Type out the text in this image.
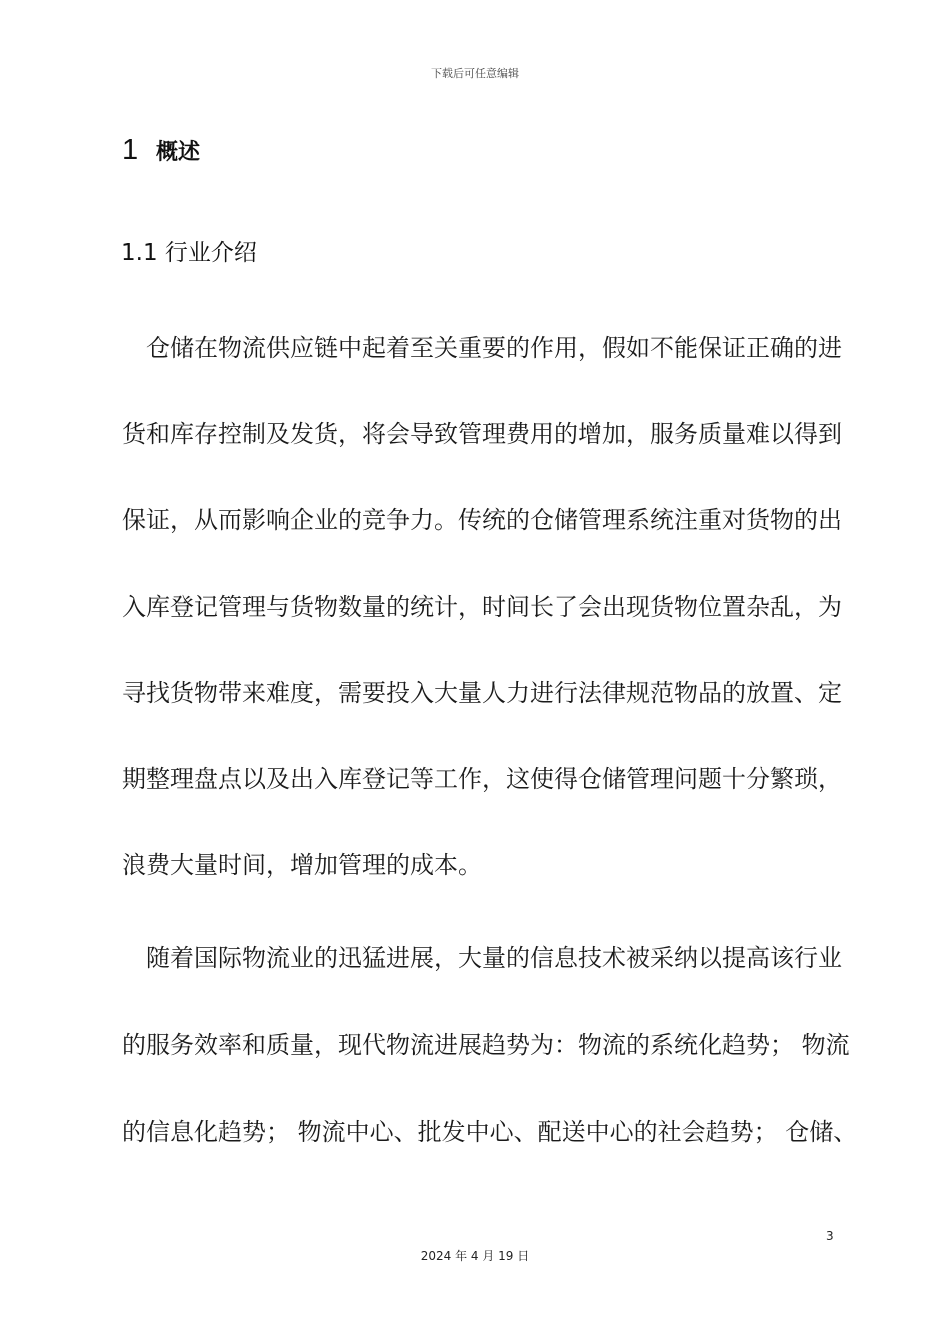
下载后可任意编辑
1 概述
1.1 行业介绍
　仓储在物流供应链中起着至关重要的作用，假如不能保证正确的进
货和库存控制及发货，将会导致管理费用的增加，服务质量难以得到
保证，从而影响企业的竞争力。传统的仓储管理系统注重对货物的出
入库登记管理与货物数量的统计，时间长了会出现货物位置杂乱，为
寻找货物带来难度，需要投入大量人力进行法律规范物品的放置、定
期整理盘点以及出入库登记等工作，这使得仓储管理问题十分繁琐，
浪费大量时间，增加管理的成本。
　随着国际物流业的迅猛进展，大量的信息技术被采纳以提高该行业
的服务效率和质量，现代物流进展趋势为：物流的系统化趋势； 物流
的信息化趋势； 物流中心、批发中心、配送中心的社会趋势； 仓储、
3
2024 年 4 月 19 日
